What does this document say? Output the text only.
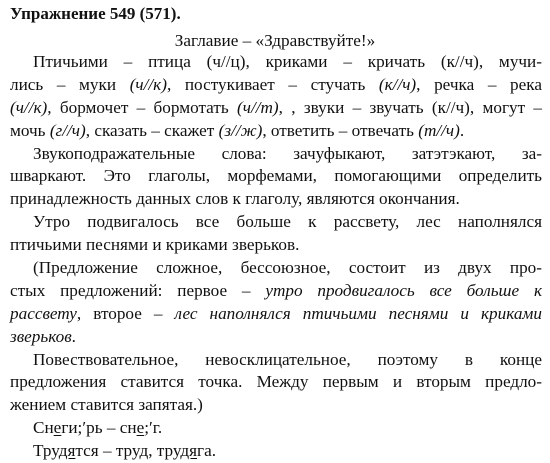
Упражнение 549 (571).
Заглавие – «Здравствуйте!»
Птичьими – птица (ч//ц), криками – кричать (к//ч), мучи-
лись – муки (ч//к), постукивает – стучать (к//ч), речка – река
(ч//к), бормочет – бормотать (ч//т), , звуки – звучать (к//ч), могут –
мочь (г//ч), сказать – скажет (з//ж), ответить – отвечать (т//ч).
Звукоподражательные слова: зачуфыкают, затэтэкают, за-
шваркают. Это глаголы, морфемами, помогающими определить
принадлежность данных слов к глаголу, являются окончания.
Утро подвигалось все больше к рассвету, лес наполнялся
птичьими песнями и криками зверьков.
(Предложение сложное, бессоюзное, состоит из двух про-
стых предложений: первое – утро продвигалось все больше к
рассвету, второе – лес наполнялся птичьими песнями и криками
зверьков.
Повествовательное, невосклицательное, поэтому в конце
предложения ставится точка. Между первым и вторым предло-
жением ставится запятая.)
Снеги;ʹрь – сне;ʹг.
Трудятся – труд, трудяга.
